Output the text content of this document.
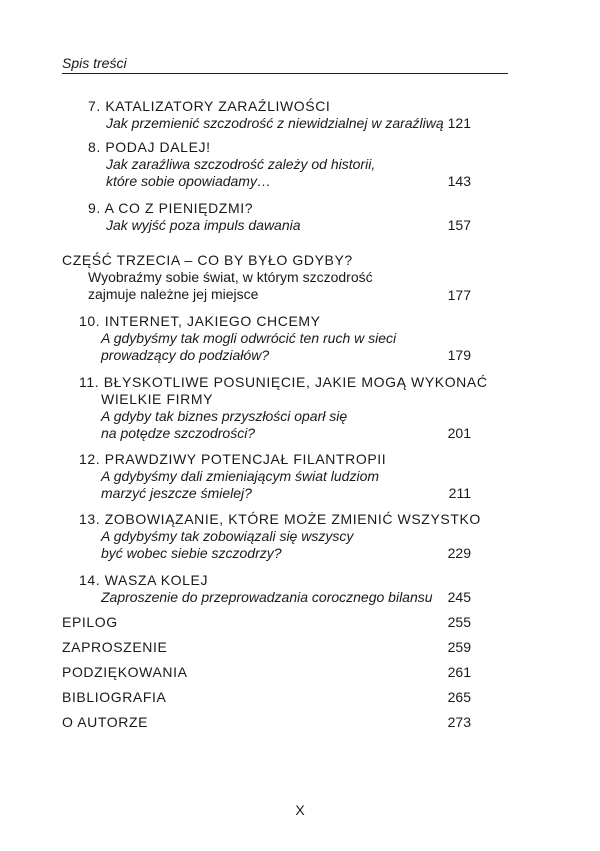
Spis treści
7. KATALIZATORY ZARAŹLIWOŚCI
Jak przemienić szczodrość z niewidzialnej w zaraźliwą 121
8. PODAJ DALEJ!
Jak zaraźliwa szczodrość zależy od historii,
które sobie opowiadamy…	143
9. A CO Z PIENIĘDZMI?
Jak wyjść poza impuls dawania	157
CZĘŚĆ TRZECIA – CO BY BYŁO GDYBY?
Wyobraźmy sobie świat, w którym szczodrość
zajmuje należne jej miejsce	177
10. INTERNET, JAKIEGO CHCEMY
A gdybyśmy tak mogli odwrócić ten ruch w sieci
prowadzący do podziałów?	179
11. BŁYSKOTLIWE POSUNIĘCIE, JAKIE MOGĄ WYKONAĆ
WIELKIE FIRMY
A gdyby tak biznes przyszłości oparł się
na potędze szczodrości?	201
12. PRAWDZIWY POTENCJAŁ FILANTROPII
A gdybyśmy dali zmieniającym świat ludziom
marzyć jeszcze śmielej?	211
13. ZOBOWIĄZANIE, KTÓRE MOŻE ZMIENIĆ WSZYSTKO
A gdybyśmy tak zobowiązali się wszyscy
być wobec siebie szczodrzy?	229
14. WASZA KOLEJ
Zaproszenie do przeprowadzania corocznego bilansu	245
EPILOG	255
ZAPROSZENIE	259
PODZIĘKOWANIA	261
BIBLIOGRAFIA	265
O AUTORZE	273
X
